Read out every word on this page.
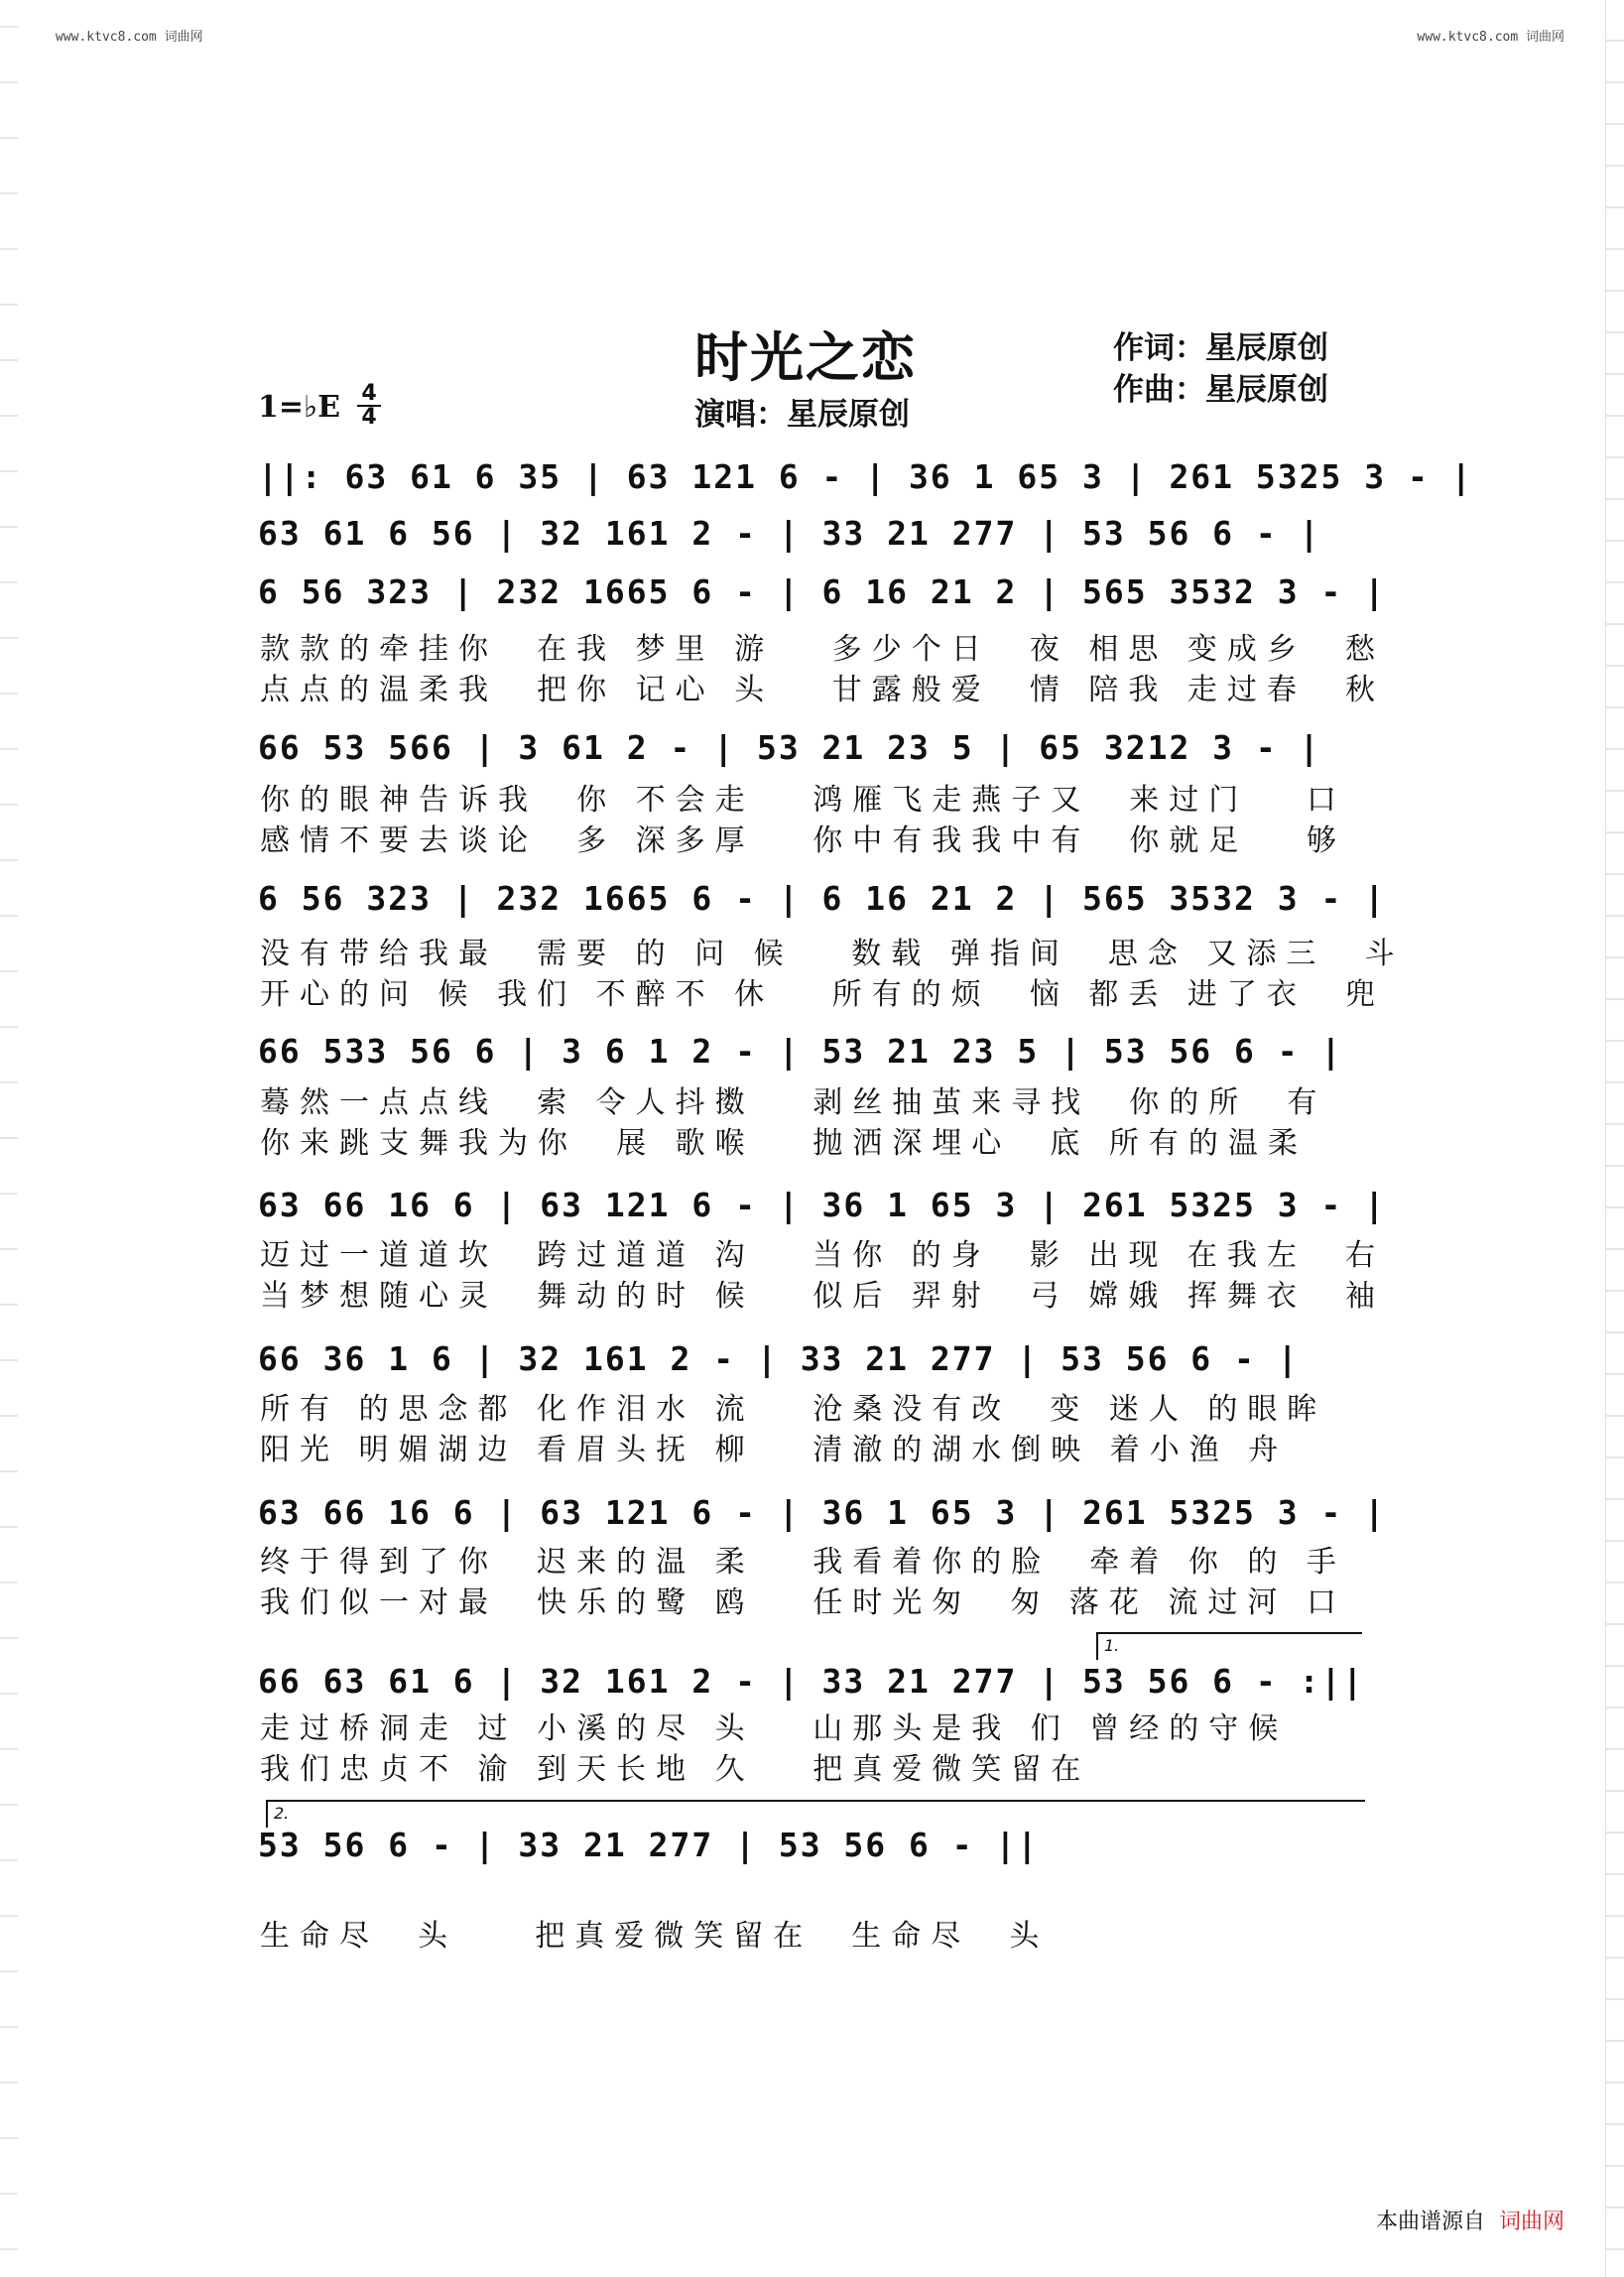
www.ktvc8.com 词曲网	www.ktvc8.com 词曲网
时光之恋
演唱：星辰原创
作词：星辰原创
作曲：星辰原创
1=♭E 4
4
||: 63 61 6 35 | 63 121 6 - | 36 1 65 3 | 261 5325 3 - |
63 61 6 56 | 32 161 2 - | 33 21 277 | 53 56 6 - |
6 56 323 | 232 1665 6 - | 6 16 21 2 | 565 3532 3 - |
66 53 566 | 3 61 2 - | 53 21 23 5 | 65 3212 3 - |
6 56 323 | 232 1665 6 - | 6 16 21 2 | 565 3532 3 - |
66 533 56 6 | 3 6 1 2 - | 53 21 23 5 | 53 56 6 - |
63 66 16 6 | 63 121 6 - | 36 1 65 3 | 261 5325 3 - |
66 36 1 6 | 32 161 2 - | 33 21 277 | 53 56 6 - |
63 66 16 6 | 63 121 6 - | 36 1 65 3 | 261 5325 3 - |
66 63 61 6 | 32 161 2 - | 33 21 277 | 53 56 6 - :||
53 56 6 - | 33 21 277 | 53 56 6 - ||
1.
2.
款款的牵挂你  在我 梦里 游   多少个日  夜 相思 变成乡  愁
点点的温柔我  把你 记心 头   甘露般爱  情 陪我 走过春  秋
你的眼神告诉我  你 不会走   鸿雁飞走燕子又  来过门   口
感情不要去谈论  多 深多厚   你中有我我中有  你就足   够
没有带给我最  需要 的 问 候   数载 弹指间  思念 又添三  斗
开心的问 候 我们 不醉不 休   所有的烦  恼 都丢 进了衣  兜
蓦然一点点线  索 令人抖擞   剥丝抽茧来寻找  你的所  有
你来跳支舞我为你  展 歌喉   抛洒深埋心  底 所有的温柔
迈过一道道坎  跨过道道 沟   当你 的身  影 出现 在我左  右
当梦想随心灵  舞动的时 候   似后 羿射  弓 嫦娥 挥舞衣  袖
所有 的思念都 化作泪水 流   沧桑没有改  变 迷人 的眼眸
阳光 明媚湖边 看眉头抚 柳   清澈的湖水倒映 着小渔 舟
终于得到了你  迟来的温 柔   我看着你的脸  牵着 你 的 手
我们似一对最  快乐的鹭 鸥   任时光匆  匆 落花 流过河 口
走过桥洞走 过 小溪的尽 头   山那头是我 们 曾经的守候
我们忠贞不 渝 到天长地 久   把真爱微笑留在
生命尽  头    把真爱微笑留在  生命尽  头
本曲谱源自 词曲网
